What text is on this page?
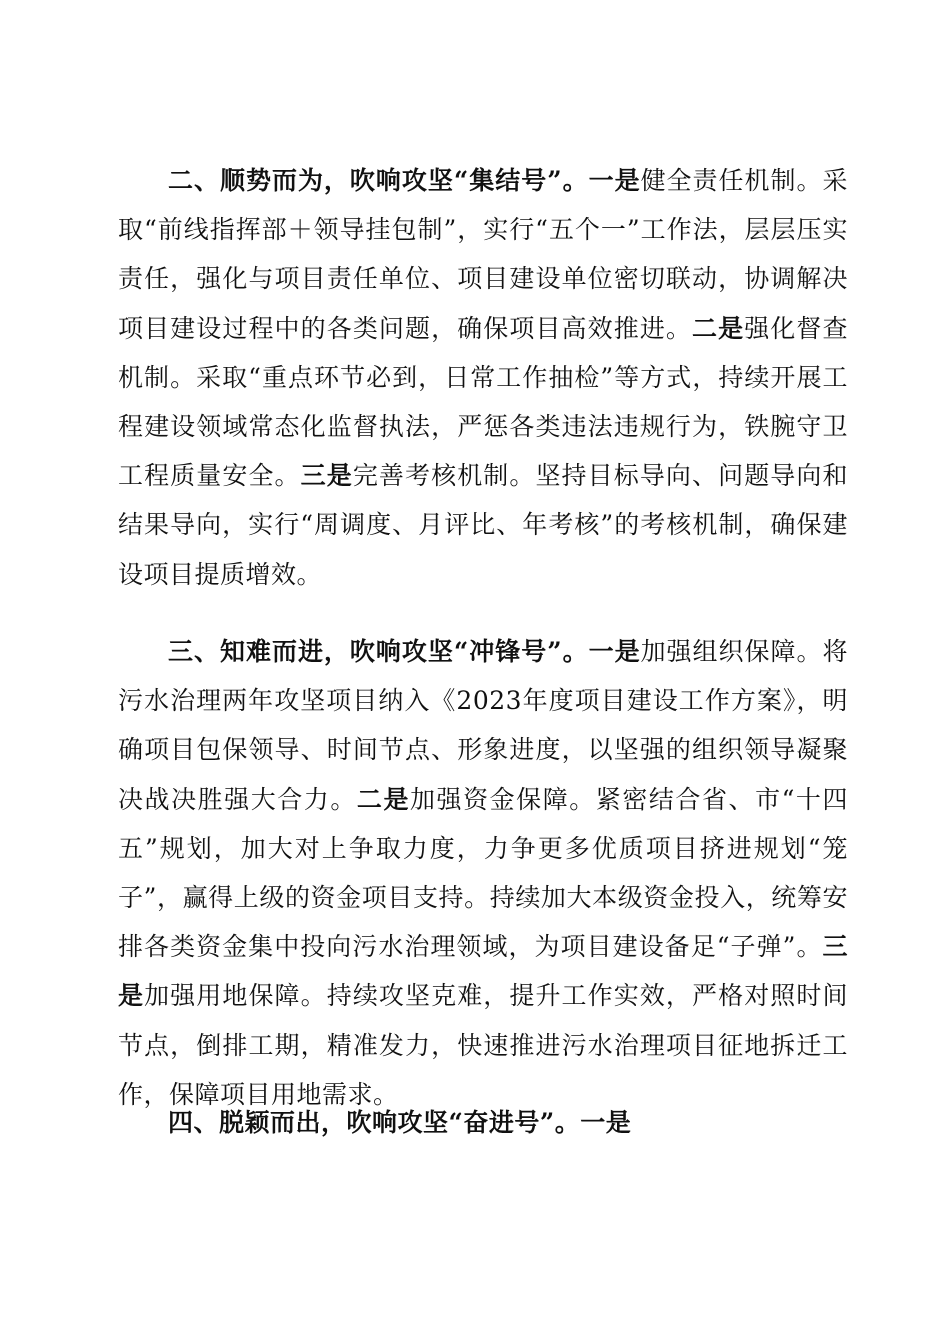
二、顺势而为，吹响攻坚“集结号”。一是健全责任机制。采取“前线指挥部＋领导挂包制”，实行“五个一”工作法，层层压实责任，强化与项目责任单位、项目建设单位密切联动，协调解决项目建设过程中的各类问题，确保项目高效推进。二是强化督查机制。采取“重点环节必到，日常工作抽检”等方式，持续开展工程建设领域常态化监督执法，严惩各类违法违规行为，铁腕守卫工程质量安全。三是完善考核机制。坚持目标导向、问题导向和结果导向，实行“周调度、月评比、年考核”的考核机制，确保建设项目提质增效。

三、知难而进，吹响攻坚“冲锋号”。一是加强组织保障。将污水治理两年攻坚项目纳入《2023年度项目建设工作方案》，明确项目包保领导、时间节点、形象进度，以坚强的组织领导凝聚决战决胜强大合力。二是加强资金保障。紧密结合省、市“十四五”规划，加大对上争取力度，力争更多优质项目挤进规划“笼子”，赢得上级的资金项目支持。持续加大本级资金投入，统筹安排各类资金集中投向污水治理领域，为项目建设备足“子弹”。三是加强用地保障。持续攻坚克难，提升工作实效，严格对照时间节点，倒排工期，精准发力，快速推进污水治理项目征地拆迁工作，保障项目用地需求。

四、脱颖而出，吹响攻坚“奋进号”。一是
